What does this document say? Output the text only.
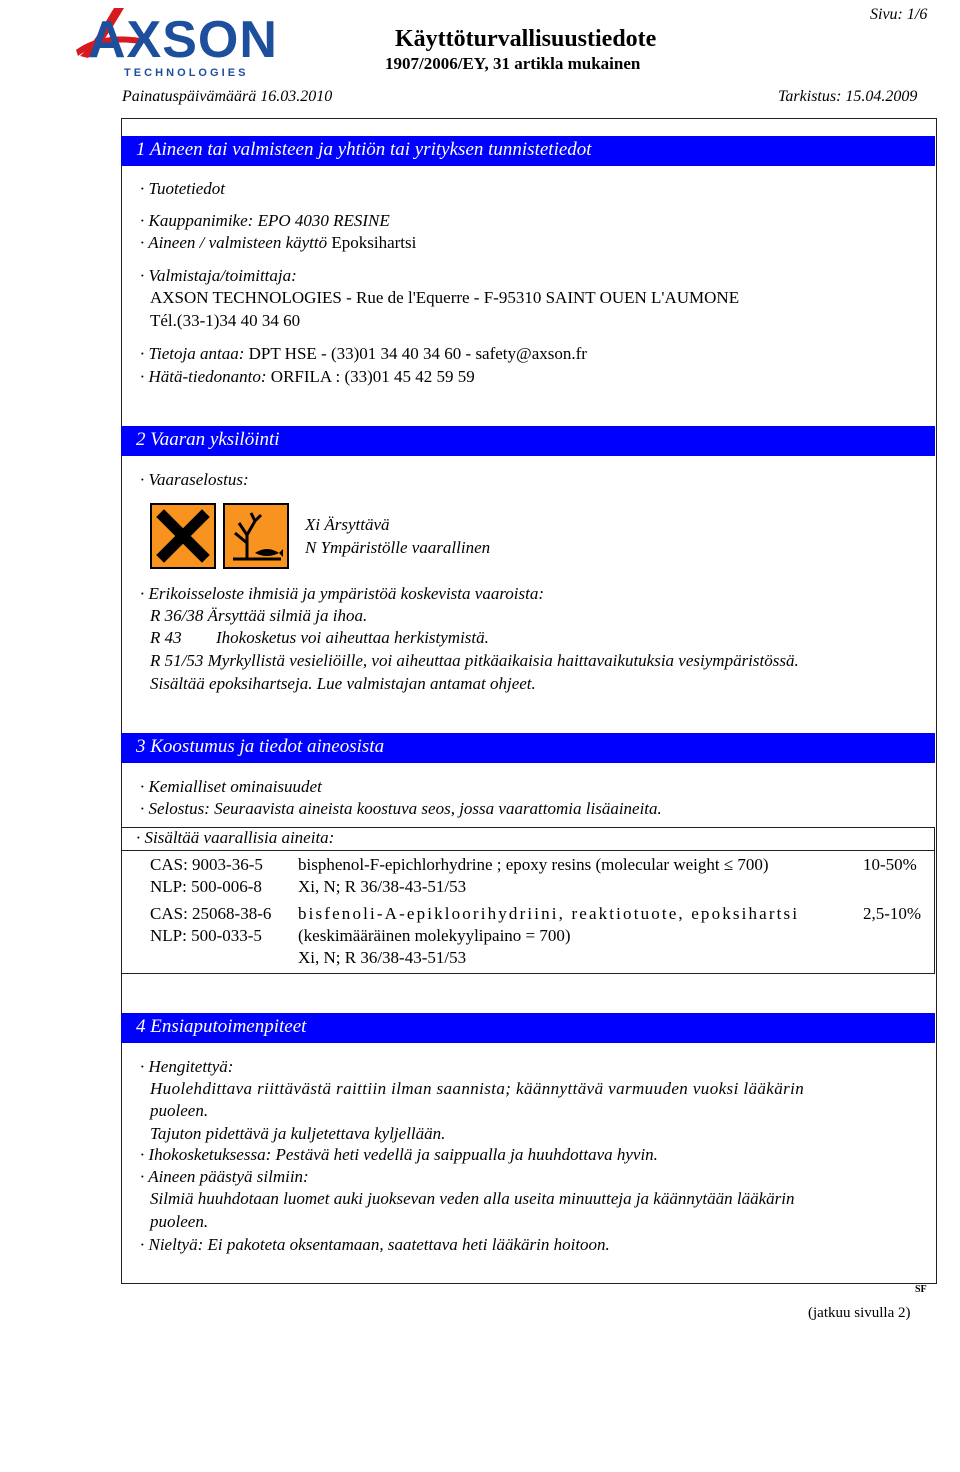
AXSON
T E C H N O L O G I E S
Käyttöturvallisuustiedote
1907/2006/EY, 31 artikla mukainen
Sivu: 1/6
Painatuspäivämäärä 16.03.2010	Tarkistus: 15.04.2009
1 Aineen tai valmisteen ja yhtiön tai yrityksen tunnistetiedot
· Tuotetiedot
· Kauppanimike: EPO 4030 RESINE
· Aineen / valmisteen käyttö Epoksihartsi
· Valmistaja/toimittaja:
AXSON TECHNOLOGIES - Rue de l'Equerre - F-95310 SAINT OUEN L'AUMONE
Tél.(33-1)34 40 34 60
· Tietoja antaa: DPT HSE - (33)01 34 40 34 60 - safety@axson.fr
· Hätä-tiedonanto: ORFILA : (33)01 45 42 59 59
2 Vaaran yksilöinti
· Vaaraselostus:
Xi Ärsyttävä
N Ympäristölle vaarallinen
· Erikoisseloste ihmisiä ja ympäristöä koskevista vaaroista:
R 36/38 Ärsyttää silmiä ja ihoa.
R 43 Ihokosketus voi aiheuttaa herkistymistä.
R 51/53 Myrkyllistä vesieliöille, voi aiheuttaa pitkäaikaisia haittavaikutuksia vesiympäristössä.
Sisältää epoksihartseja. Lue valmistajan antamat ohjeet.
3 Koostumus ja tiedot aineosista
· Kemialliset ominaisuudet
· Selostus: Seuraavista aineista koostuva seos, jossa vaarattomia lisäaineita.
· Sisältää vaarallisia aineita:
CAS: 9003-36-5
NLP: 500-006-8
bisphenol-F-epichlorhydrine ; epoxy resins (molecular weight ≤ 700)
Xi, N; R 36/38-43-51/53
10-50%
CAS: 25068-38-6
NLP: 500-033-5
bisfenoli-A-epikloorihydriini, reaktiotuote, epoksihartsi
(keskimääräinen molekyylipaino = 700)
Xi, N; R 36/38-43-51/53
2,5-10%
4 Ensiaputoimenpiteet
· Hengitettyä:
Huolehdittava riittävästä raittiin ilman saannista; käännyttävä varmuuden vuoksi lääkärin
puoleen.
Tajuton pidettävä ja kuljetettava kyljellään.
· Ihokosketuksessa: Pestävä heti vedellä ja saippualla ja huuhdottava hyvin.
· Aineen päästyä silmiin:
Silmiä huuhdotaan luomet auki juoksevan veden alla useita minuutteja ja käännytään lääkärin
puoleen.
· Nieltyä: Ei pakoteta oksentamaan, saatettava heti lääkärin hoitoon.
SF
(jatkuu sivulla 2)
